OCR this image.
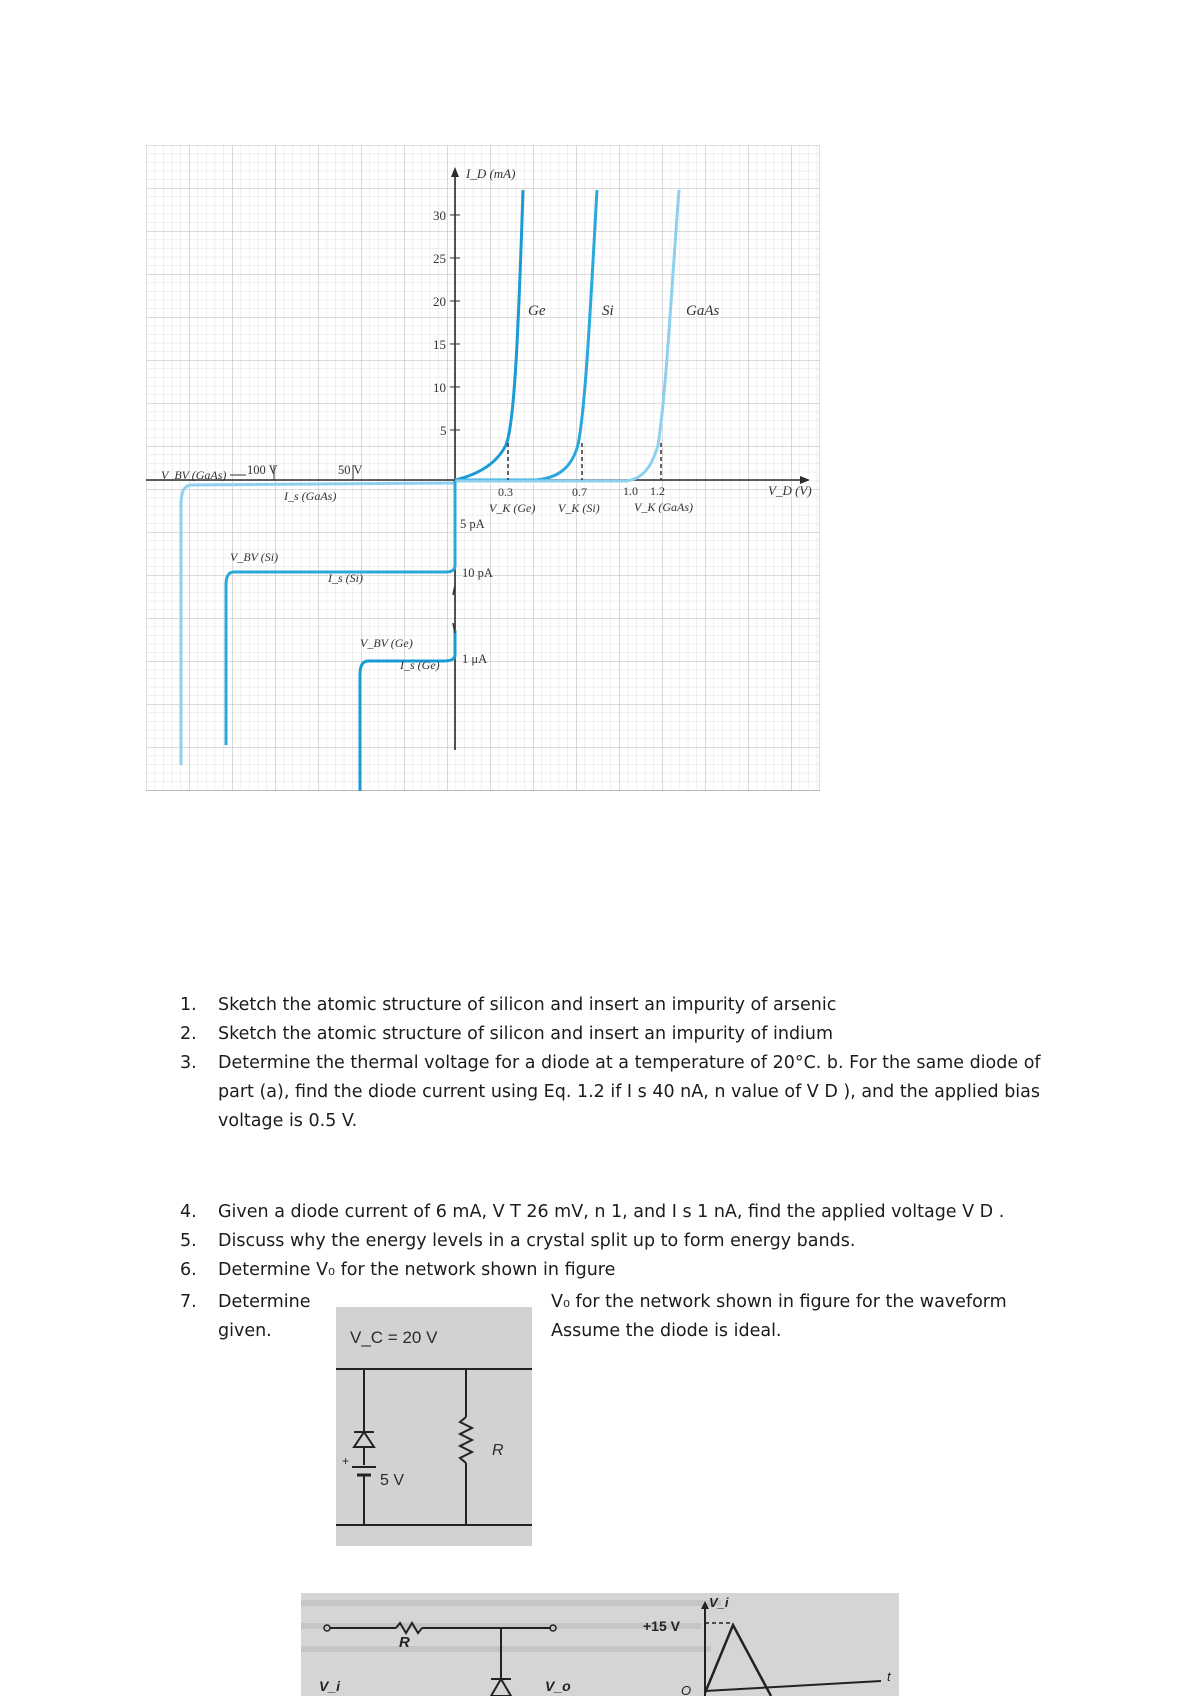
30
25
20
15
10
5
I_D (mA)
V_D (V)
Ge	Si	GaAs
0.3	0.7	1.0 1.2
V_K (Ge) V_K (Si)	V_K (GaAs)
V_BV (GaAs)
I_s (GaAs)
V_BV (Si)
I_s (Si)
V_BV (Ge)
I_s (Ge)
100 V	50 V
5 pA
10 pA
1 μA
1.	Sketch the atomic structure of silicon and insert an impurity of arsenic
2.	Sketch the atomic structure of silicon and insert an impurity of indium
3.	Determine the thermal voltage for a diode at a temperature of 20°C. b. For the same diode of part (a), find the diode current using Eq. 1.2 if I s 40 nA, n value of V D ), and the applied bias voltage is 0.5 V.
4.	Given a diode current of 6 mA, V T 26 mV, n 1, and I s 1 nA, find the applied voltage V D .
5.	Discuss why the energy levels in a crystal split up to form energy bands.
6.	Determine V₀ for the network shown in figure
7.	Determine given.
V₀ for the network shown in figure for the waveform
Assume the diode is ideal.
V_C = 20 V
+
5 V
R
R
V_i	V_o
+15 V
V_i
O
t
